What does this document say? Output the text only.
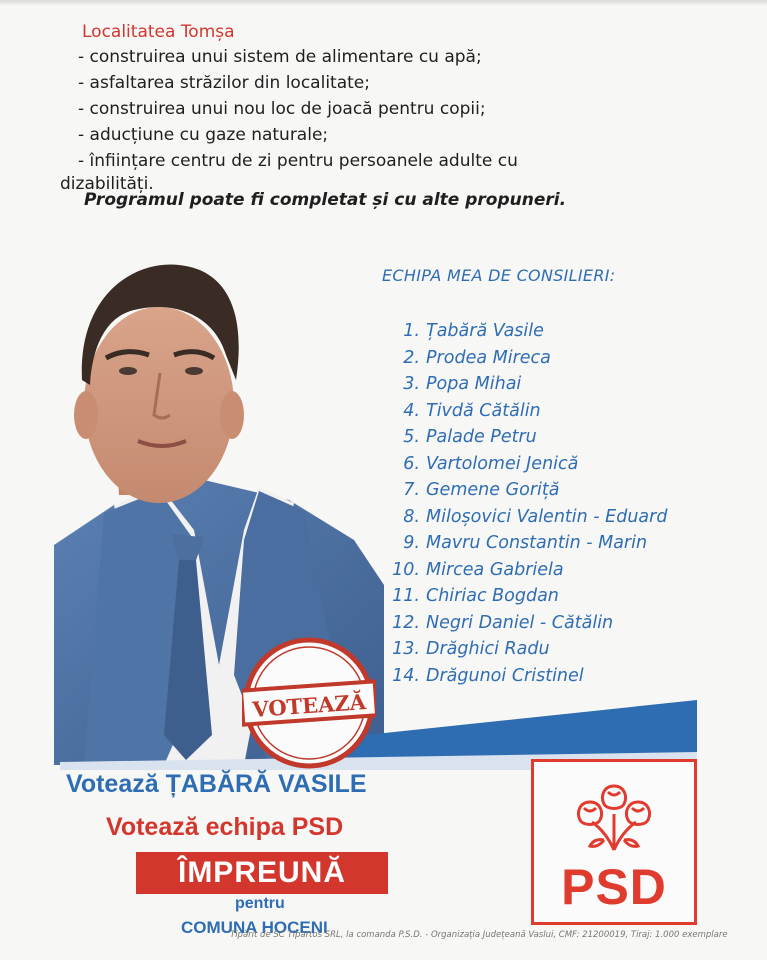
Localitatea Tomșa
- construirea unui sistem de alimentare cu apă;
- asfaltarea străzilor din localitate;
- construirea unui nou loc de joacă pentru copii;
- aducțiune cu gaze naturale;
- înființare centru de zi pentru persoanele adulte cu
dizabilități.
Programul poate fi completat și cu alte propuneri.
VOTEAZĂ
ECHIPA MEA DE CONSILIERI:
1. Țabără Vasile
2. Prodea Mireca
3. Popa Mihai
4. Tivdă Cătălin
5. Palade Petru
6. Vartolomei Jenică
7. Gemene Goriță
8. Miloșovici Valentin - Eduard
9. Mavru Constantin - Marin
10. Mircea Gabriela
11. Chiriac Bogdan
12. Negri Daniel - Cătălin
13. Drăghici Radu
14. Drăgunoi Cristinel
Votează ȚABĂRĂ VASILE
Votează echipa PSD
ÎMPREUNĂ
pentru
COMUNA HOCENI
Tipărit de SC Tipartos SRL, la comanda P.S.D. - Organizația Județeană Vaslui, CMF: 21200019, Tiraj: 1.000 exemplare
PSD
